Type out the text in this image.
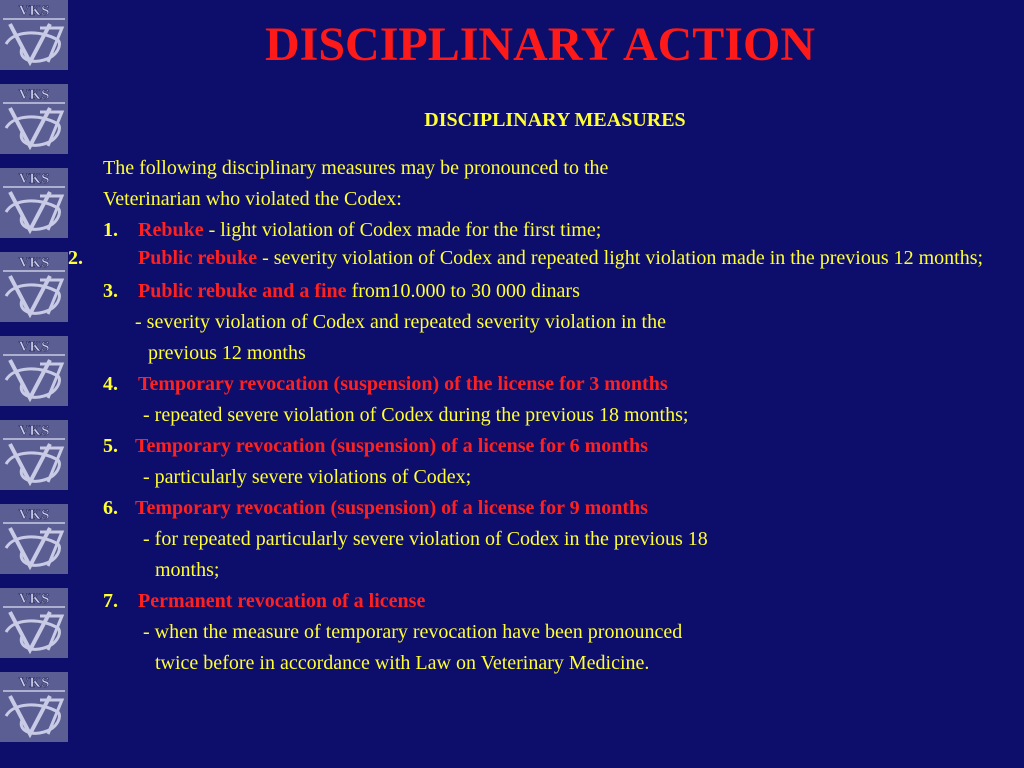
VKS
VKS
VKS
VKS
VKS
VKS
VKS
VKS
VKS
DISCIPLINARY ACTION
DISCIPLINARY MEASURES
The following disciplinary measures may be pronounced to the
Veterinarian who violated the Codex:
1. Rebuke - light violation of Codex made for the first time;

2.	Public rebuke - severity violation of Codex and repeated light violation made in the previous 12 months;

3. Public rebuke and a fine from10.000 to 30 000 dinars
- severity violation of Codex and repeated severity violation in the
previous 12 months
4. Temporary revocation (suspension) of the license for 3 months
- repeated severe violation of Codex during the previous 18 months;
5. Temporary revocation (suspension) of a license for 6 months
- particularly severe violations of Codex;
6. Temporary revocation (suspension) of a license for 9 months
- for repeated particularly severe violation of Codex in the previous 18
months;
7. Permanent revocation of a license
- when the measure of temporary revocation have been pronounced
twice before in accordance with Law on Veterinary Medicine.
